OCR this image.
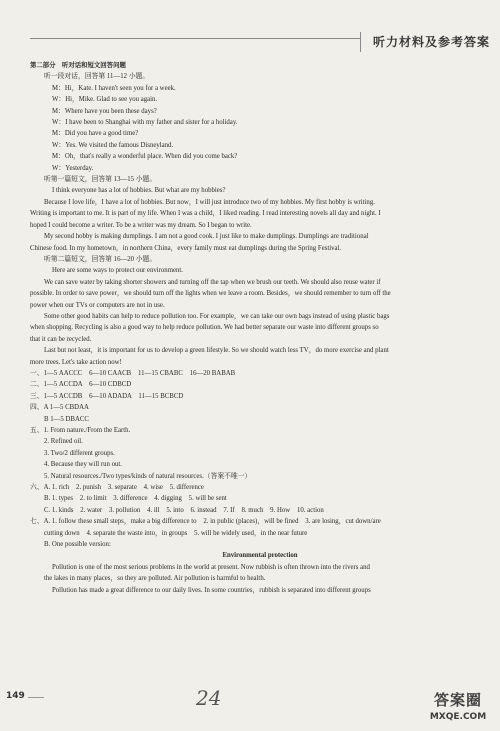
听力材料及参考答案
第二部分　听对话和短文回答问题
听一段对话，回答第 11—12 小题。
M：Hi，Kate. I haven't seen you for a week.
W：Hi，Mike. Glad to see you again.
M：Where have you been these days?
W：I have been to Shanghai with my father and sister for a holiday.
M：Did you have a good time?
W：Yes. We visited the famous Disneyland.
M：Oh，that's really a wonderful place. When did you come back?
W：Yesterday.
听第一篇短文，回答第 13—15 小题。
I think everyone has a lot of hobbies. But what are my hobbies?
Because I love life，I have a lot of hobbies. But now，I will just introduce two of my hobbies. My first hobby is writing.
Writing is important to me. It is part of my life. When I was a child，I liked reading. I read interesting novels all day and night. I
hoped I could become a writer. To be a writer was my dream. So I began to write.
My second hobby is making dumplings. I am not a good cook. I just like to make dumplings. Dumplings are traditional
Chinese food. In my hometown，in northern China，every family must eat dumplings during the Spring Festival.
听第二篇短文，回答第 16—20 小题。
Here are some ways to protect our environment.
We can save water by taking shorter showers and turning off the tap when we brush our teeth. We should also reuse water if
possible. In order to save power，we should turn off the lights when we leave a room. Besides，we should remember to turn off the
power when our TVs or computers are not in use.
Some other good habits can help to reduce pollution too. For example，we can take our own bags instead of using plastic bags
when shopping. Recycling is also a good way to help reduce pollution. We had better separate our waste into different groups so
that it can be recycled.
Last but not least，it is important for us to develop a green lifestyle. So we should watch less TV，do more exercise and plant
more trees. Let's take action now!
一、1—5 AACCC　6—10 CAACB　11—15 CBABC　16—20 BABAB
二、1—5 ACCDA　6—10 CDBCD
三、1—5 ACCDB　6—10 ADADA　11—15 BCBCD
四、A 1—5 CBDAA
B 1—5 DBACC
五、1. From nature./From the Earth.
2. Refined oil.
3. Two/2 different groups.
4. Because they will run out.
5. Natural resources./Two types/kinds of natural resources.（答案不唯一）
六、A. 1. rich　2. punish　3. separate　4. wise　5. difference
B. 1. types　2. to limit　3. difference　4. digging　5. will be sent
C. 1. kinds　2. water　3. pollution　4. ill　5. into　6. instead　7. If　8. much　9. How　10. action
七、A. 1. follow these small steps，make a big difference to　2. in public (places)，will be fined　3. are losing，cut down/are
cutting down　4. separate the waste into，in groups　5. will be widely used，in the near future
B. One possible version:
Environmental protection
Pollution is one of the most serious problems in the world at present. Now rubbish is often thrown into the rivers and
the lakes in many places，so they are polluted. Air pollution is harmful to health.
Pollution has made a great difference to our daily lives. In some countries，rubbish is separated into different groups
149	24	答案圈
MXQE.COM
